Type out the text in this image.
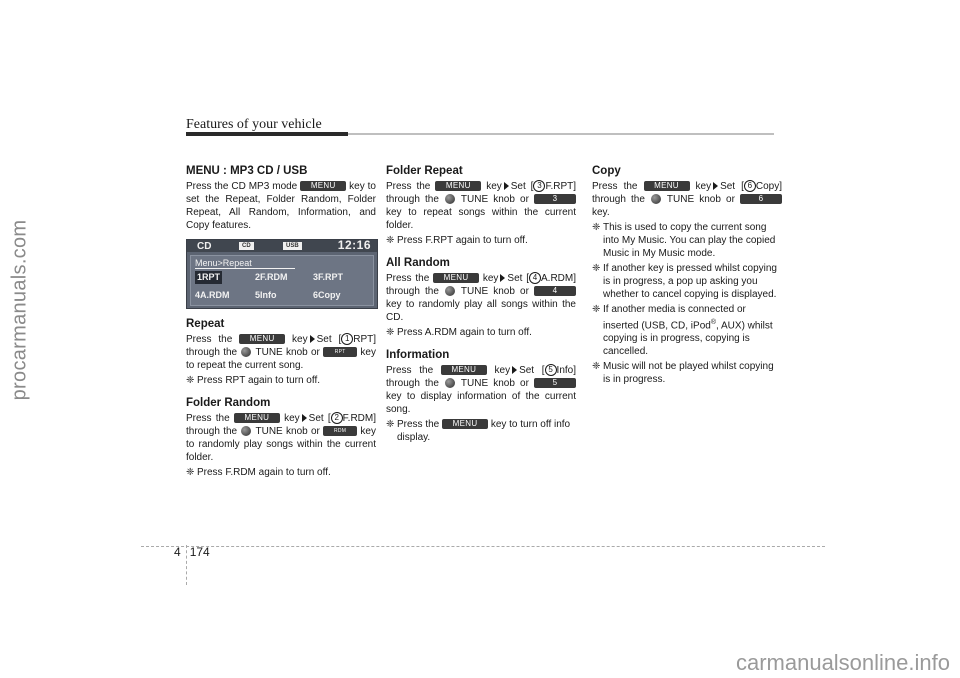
procarmanuals.com
Features of your vehicle
MENU : MP3 CD / USB

Press the CD MP3 mode MENU key to set the Repeat, Folder Random, Folder Repeat, All Random, Information, and Copy features.

CD	CD	USB	12:16
Menu>Repeat
1RPT	2F.RDM	3F.RPT
4A.RDM	5Info	6Copy
Repeat

Press the MENU key Set [ 1 RPT] through the TUNE knob or	RPT key to repeat the current song.

❈ Press RPT again to turn off.
Folder Random

Press the MENU key Set [ 2 F.RDM] through the TUNE knob or	RDM key to randomly play songs within the current folder.

❈ Press F.RDM again to turn off.
Folder Repeat

Press the MENU key Set [ 3 F.RPT] through the TUNE knob or	3 key to repeat songs within the current folder.

❈ Press F.RPT again to turn off.
All Random

Press the MENU key Set [ 4 A.RDM] through the TUNE knob or	4 key to randomly play all songs within the CD.

❈ Press A.RDM again to turn off.
Information

Press the MENU key Set [ 5 Info] through the TUNE knob or	5 key to display information of the current song.

❈ Press the MENU key to turn off info display.
Copy

Press the MENU key Set [ 6 Copy] through the TUNE knob or	6 key.

❈ This is used to copy the current song into My Music. You can play the copied Music in My Music mode.
❈ If another key is pressed whilst copying is in progress, a pop up asking you whether to cancel copying is displayed.
❈ If another media is connected or inserted (USB, CD, iPod®, AUX) whilst copying is in progress, copying is cancelled.
❈ Music will not be played whilst copying is in progress.
4 174
carmanualsonline.info
